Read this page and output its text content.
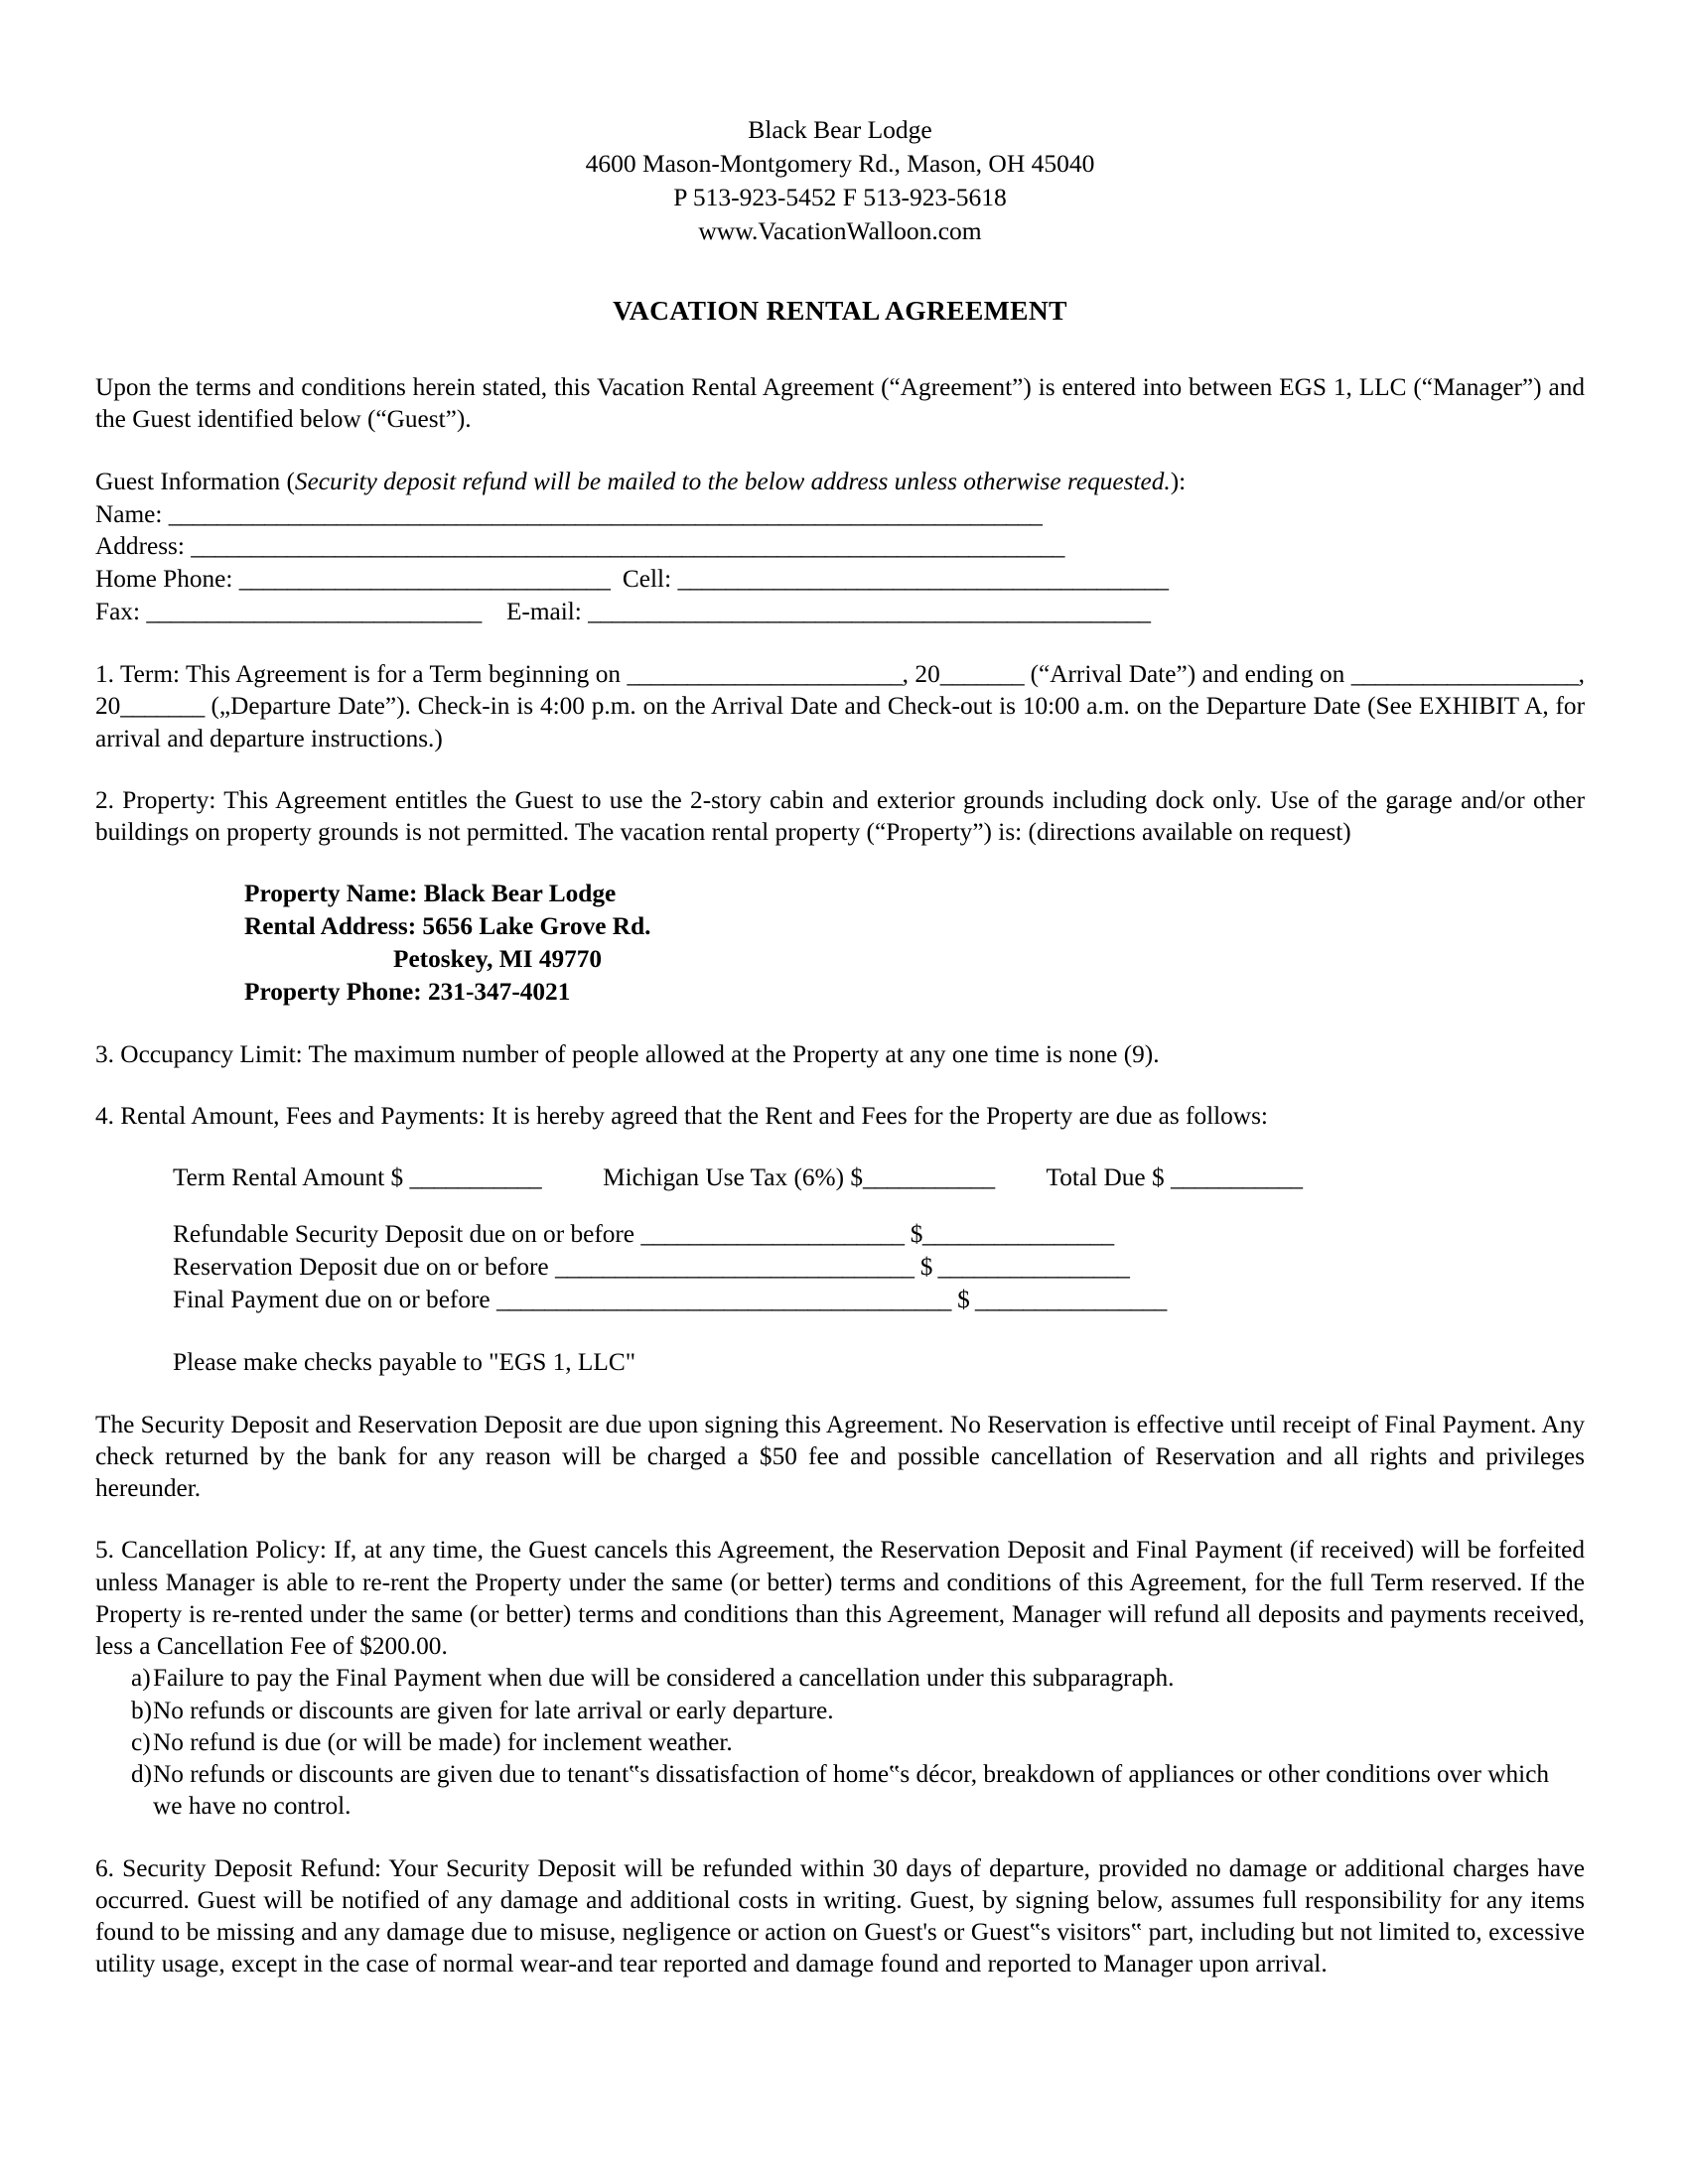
Black Bear Lodge
4600 Mason-Montgomery Rd., Mason, OH 45040
P 513-923-5452 F 513-923-5618
www.VacationWalloon.com
VACATION RENTAL AGREEMENT

Upon the terms and conditions herein stated, this Vacation Rental Agreement (“Agreement”) is entered into between EGS 1, LLC (“Manager”) and the Guest identified below (“Guest”).

Guest Information (Security deposit refund will be mailed to the below address unless otherwise requested.):
Name: _________________________________________________________________________
Address: _________________________________________________________________________
Home Phone: _______________________________ Cell: _________________________________________
Fax: ____________________________ E-mail: _______________________________________________

1. Term: This Agreement is for a Term beginning on _______________________, 20_______ (“Arrival Date”) and ending on ___________________, 20_______ („Departure Date”). Check-in is 4:00 p.m. on the Arrival Date and Check-out is 10:00 a.m. on the Departure Date (See EXHIBIT A, for arrival and departure instructions.)

2. Property: This Agreement entitles the Guest to use the 2-story cabin and exterior grounds including dock only. Use of the garage and/or other buildings on property grounds is not permitted. The vacation rental property (“Property”) is: (directions available on request)

Property Name: Black Bear Lodge
Rental Address: 5656 Lake Grove Rd.
Petoskey, MI 49770
Property Phone: 231-347-4021

3. Occupancy Limit: The maximum number of people allowed at the Property at any one time is none (9).

4. Rental Amount, Fees and Payments: It is hereby agreed that the Rent and Fees for the Property are due as follows:

Term Rental Amount $ ___________ Michigan Use Tax (6%) $___________ Total Due $ ___________
Refundable Security Deposit due on or before ______________________ $________________
Reservation Deposit due on or before ______________________________ $ ________________
Final Payment due on or before ______________________________________ $ ________________
Please make checks payable to "EGS 1, LLC"

The Security Deposit and Reservation Deposit are due upon signing this Agreement. No Reservation is effective until receipt of Final Payment. Any check returned by the bank for any reason will be charged a $50 fee and possible cancellation of Reservation and all rights and privileges hereunder.

5. Cancellation Policy: If, at any time, the Guest cancels this Agreement, the Reservation Deposit and Final Payment (if received) will be forfeited unless Manager is able to re-rent the Property under the same (or better) terms and conditions of this Agreement, for the full Term reserved. If the Property is re-rented under the same (or better) terms and conditions than this Agreement, Manager will refund all deposits and payments received, less a Cancellation Fee of $200.00.

a) Failure to pay the Final Payment when due will be considered a cancellation under this subparagraph.
b) No refunds or discounts are given for late arrival or early departure.
c) No refund is due (or will be made) for inclement weather.
d) No refunds or discounts are given due to tenant‟s dissatisfaction of home‟s décor, breakdown of appliances or other conditions over which we have no control.

6. Security Deposit Refund: Your Security Deposit will be refunded within 30 days of departure, provided no damage or additional charges have occurred. Guest will be notified of any damage and additional costs in writing. Guest, by signing below, assumes full responsibility for any items found to be missing and any damage due to misuse, negligence or action on Guest's or Guest‟s visitors‟ part, including but not limited to, excessive utility usage, except in the case of normal wear-and tear reported and damage found and reported to Manager upon arrival.
